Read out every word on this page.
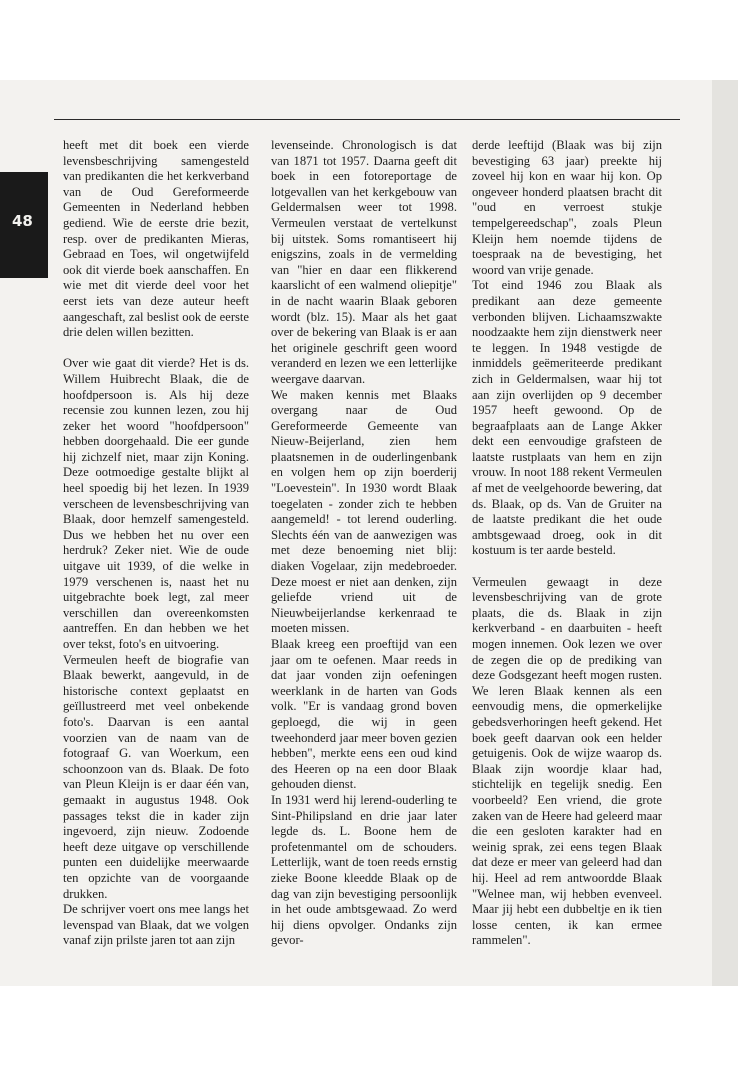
48

heeft met dit boek een vierde levensbeschrijving samengesteld van predikanten die het kerkverband van de Oud Gereformeerde Gemeenten in Nederland hebben gediend. Wie de eerste drie bezit, resp. over de predikanten Mieras, Gebraad en Toes, wil ongetwijfeld ook dit vierde boek aanschaffen. En wie met dit vierde deel voor het eerst iets van deze auteur heeft aangeschaft, zal beslist ook de eerste drie delen willen bezitten.

Over wie gaat dit vierde? Het is ds. Willem Huibrecht Blaak, die de hoofdpersoon is. Als hij deze recensie zou kunnen lezen, zou hij zeker het woord "hoofdpersoon" hebben doorgehaald. Die eer gunde hij zichzelf niet, maar zijn Koning. Deze ootmoedige gestalte blijkt al heel spoedig bij het lezen. In 1939 verscheen de levensbeschrijving van Blaak, door hemzelf samengesteld. Dus we hebben het nu over een herdruk? Zeker niet. Wie de oude uitgave uit 1939, of die welke in 1979 verschenen is, naast het nu uitgebrachte boek legt, zal meer verschillen dan overeenkomsten aantreffen. En dan hebben we het over tekst, foto's en uitvoering.

Vermeulen heeft de biografie van Blaak bewerkt, aangevuld, in de historische context geplaatst en geïllustreerd met veel onbekende foto's. Daarvan is een aantal voorzien van de naam van de fotograaf G. van Woerkum, een schoonzoon van ds. Blaak. De foto van Pleun Kleijn is er daar één van, gemaakt in augustus 1948. Ook passages tekst die in kader zijn ingevoerd, zijn nieuw. Zodoende heeft deze uitgave op verschillende punten een duidelijke meerwaarde ten opzichte van de voorgaande drukken.

De schrijver voert ons mee langs het levenspad van Blaak, dat we volgen vanaf zijn prilste jaren tot aan zijn

levenseinde. Chronologisch is dat van 1871 tot 1957. Daarna geeft dit boek in een fotoreportage de lotgevallen van het kerkgebouw van Geldermalsen weer tot 1998. Vermeulen verstaat de vertelkunst bij uitstek. Soms romantiseert hij enigszins, zoals in de vermelding van "hier en daar een flikkerend kaarslicht of een walmend oliepitje" in de nacht waarin Blaak geboren wordt (blz. 15). Maar als het gaat over de bekering van Blaak is er aan het originele geschrift geen woord veranderd en lezen we een letterlijke weergave daarvan.

We maken kennis met Blaaks overgang naar de Oud Gereformeerde Gemeente van Nieuw-Beijerland, zien hem plaatsnemen in de ouderlingenbank en volgen hem op zijn boerderij "Loevestein". In 1930 wordt Blaak toegelaten - zonder zich te hebben aangemeld! - tot lerend ouderling. Slechts één van de aanwezigen was met deze benoeming niet blij: diaken Vogelaar, zijn medebroeder. Deze moest er niet aan denken, zijn geliefde vriend uit de Nieuwbeijerlandse kerkenraad te moeten missen.

Blaak kreeg een proeftijd van een jaar om te oefenen. Maar reeds in dat jaar vonden zijn oefeningen weerklank in de harten van Gods volk. "Er is vandaag grond boven geploegd, die wij in geen tweehonderd jaar meer boven gezien hebben", merkte eens een oud kind des Heeren op na een door Blaak gehouden dienst.

In 1931 werd hij lerend-ouderling te Sint-Philipsland en drie jaar later legde ds. L. Boone hem de profetenmantel om de schouders. Letterlijk, want de toen reeds ernstig zieke Boone kleedde Blaak op de dag van zijn bevestiging persoonlijk in het oude ambtsgewaad. Zo werd hij diens opvolger. Ondanks zijn gevor-

derde leeftijd (Blaak was bij zijn bevestiging 63 jaar) preekte hij zoveel hij kon en waar hij kon. Op ongeveer honderd plaatsen bracht dit "oud en verroest stukje tempelgereedschap", zoals Pleun Kleijn hem noemde tijdens de toespraak na de bevestiging, het woord van vrije genade.

Tot eind 1946 zou Blaak als predikant aan deze gemeente verbonden blijven. Lichaamszwakte noodzaakte hem zijn dienstwerk neer te leggen. In 1948 vestigde de inmiddels geëmeriteerde predikant zich in Geldermalsen, waar hij tot aan zijn overlijden op 9 december 1957 heeft gewoond. Op de begraafplaats aan de Lange Akker dekt een eenvoudige grafsteen de laatste rustplaats van hem en zijn vrouw. In noot 188 rekent Vermeulen af met de veelgehoorde bewering, dat ds. Blaak, op ds. Van de Gruiter na de laatste predikant die het oude ambtsgewaad droeg, ook in dit kostuum is ter aarde besteld.

Vermeulen gewaagt in deze levensbeschrijving van de grote plaats, die ds. Blaak in zijn kerkverband - en daarbuiten - heeft mogen innemen. Ook lezen we over de zegen die op de prediking van deze Godsgezant heeft mogen rusten. We leren Blaak kennen als een eenvoudig mens, die opmerkelijke gebedsverhoringen heeft gekend. Het boek geeft daarvan ook een helder getuigenis. Ook de wijze waarop ds. Blaak zijn woordje klaar had, stichtelijk en tegelijk snedig. Een voorbeeld? Een vriend, die grote zaken van de Heere had geleerd maar die een gesloten karakter had en weinig sprak, zei eens tegen Blaak dat deze er meer van geleerd had dan hij. Heel ad rem antwoordde Blaak "Welnee man, wij hebben evenveel. Maar jij hebt een dubbeltje en ik tien losse centen, ik kan ermee rammelen".
